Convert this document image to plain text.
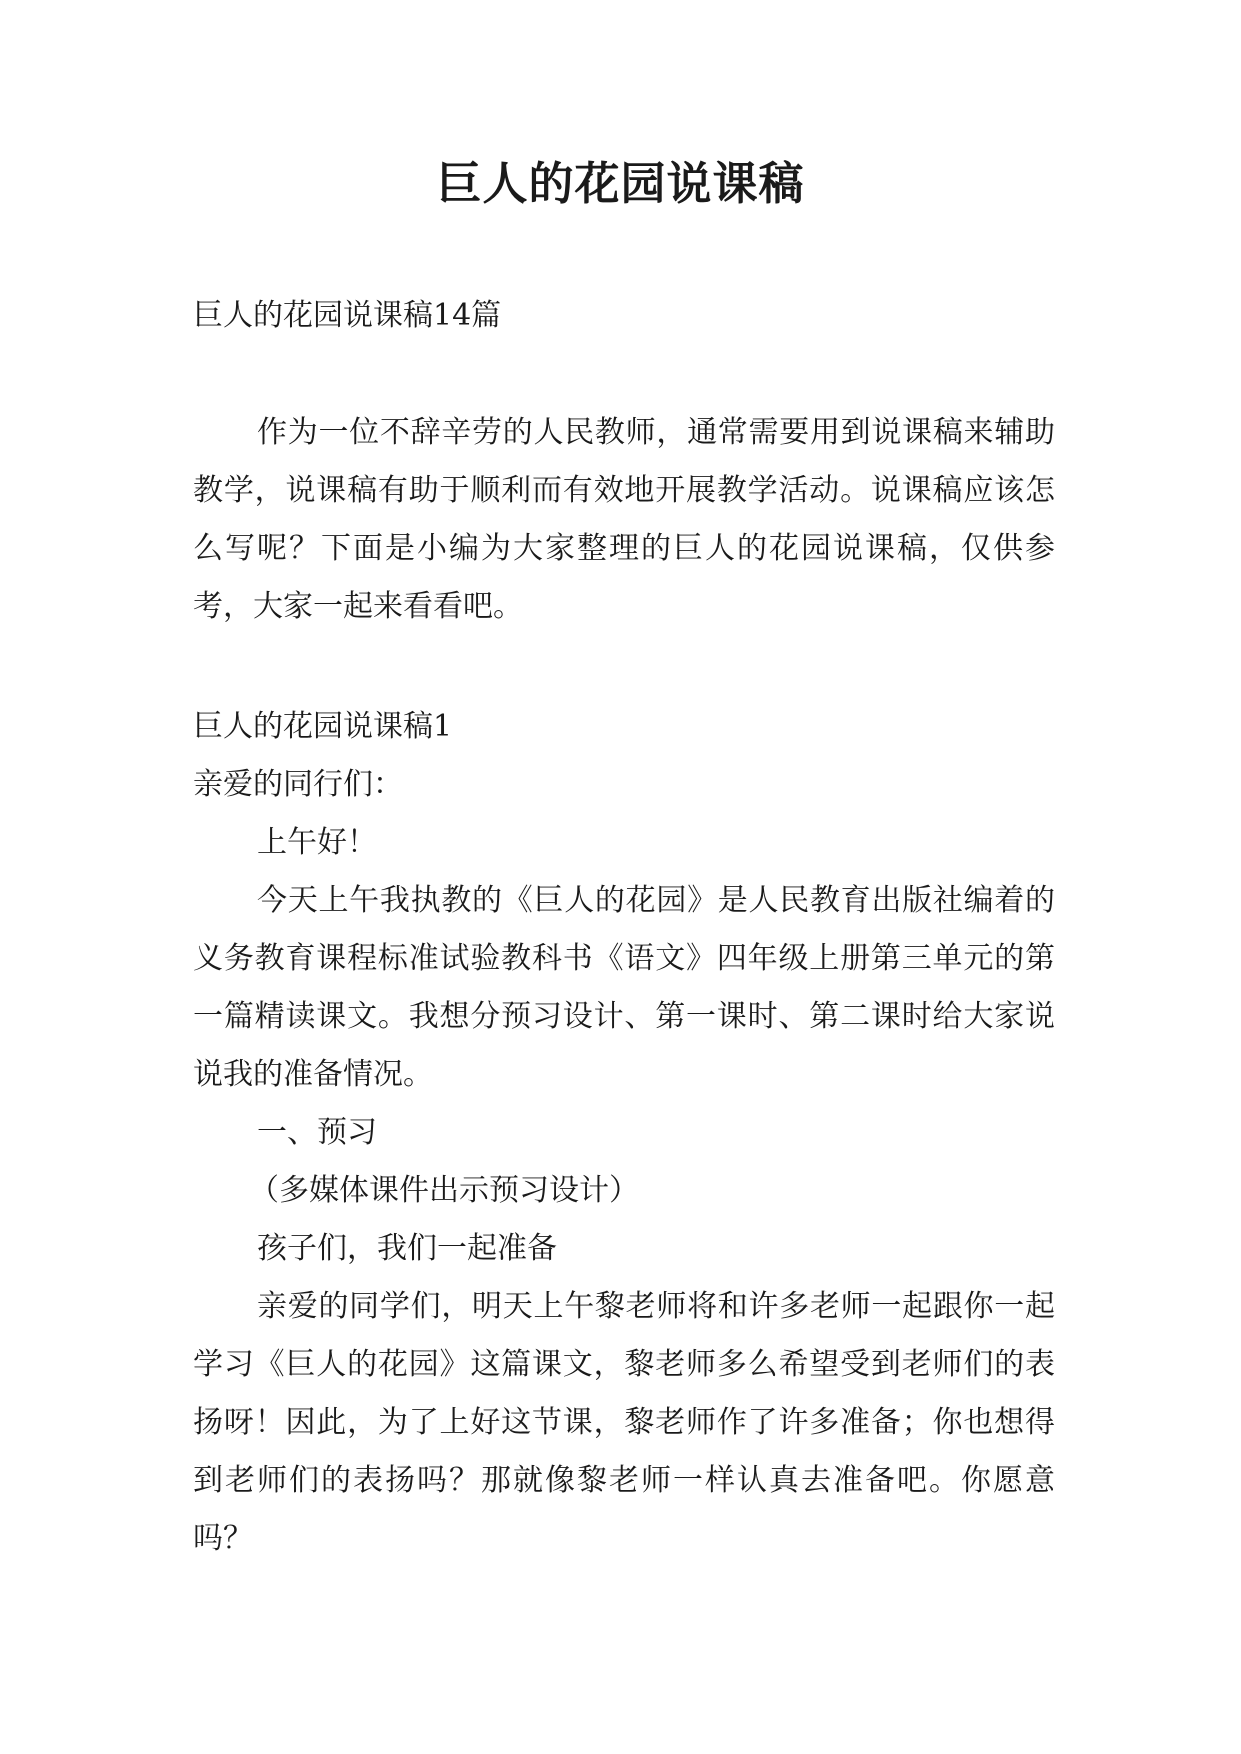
巨人的花园说课稿

巨人的花园说课稿14篇

作为一位不辞辛劳的人民教师，通常需要用到说课稿来辅助教学，说课稿有助于顺利而有效地开展教学活动。说课稿应该怎么写呢？下面是小编为大家整理的巨人的花园说课稿，仅供参考，大家一起来看看吧。

巨人的花园说课稿1

亲爱的同行们：

上午好！

今天上午我执教的《巨人的花园》是人民教育出版社编着的义务教育课程标准试验教科书《语文》四年级上册第三单元的第一篇精读课文。我想分预习设计、第一课时、第二课时给大家说说我的准备情况。

一、预习

（多媒体课件出示预习设计）

孩子们，我们一起准备

亲爱的同学们，明天上午黎老师将和许多老师一起跟你一起学习《巨人的花园》这篇课文，黎老师多么希望受到老师们的表扬呀！因此，为了上好这节课，黎老师作了许多准备；你也想得到老师们的表扬吗？那就像黎老师一样认真去准备吧。你愿意吗？
